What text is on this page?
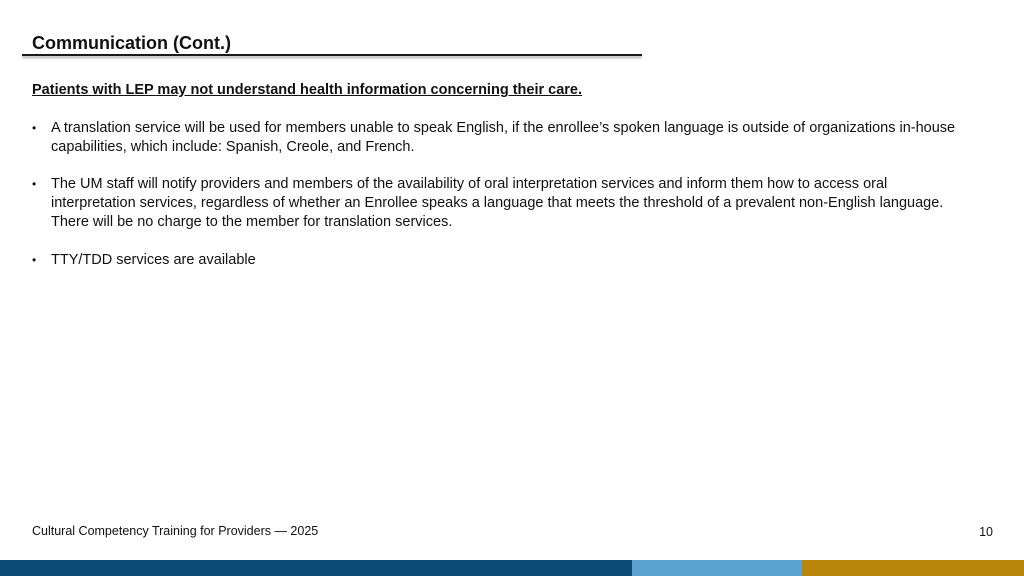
Communication (Cont.)
Patients with LEP may not understand health information concerning their care.
• A translation service will be used for members unable to speak English, if the enrollee’s spoken language is outside of organizations in-house capabilities, which include: Spanish, Creole, and French.
• The UM staff will notify providers and members of the availability of oral interpretation services and inform them how to access oral interpretation services, regardless of whether an Enrollee speaks a language that meets the threshold of a prevalent non-English language. There will be no charge to the member for translation services.
• TTY/TDD services are available
Cultural Competency Training for Providers — 2025	10
